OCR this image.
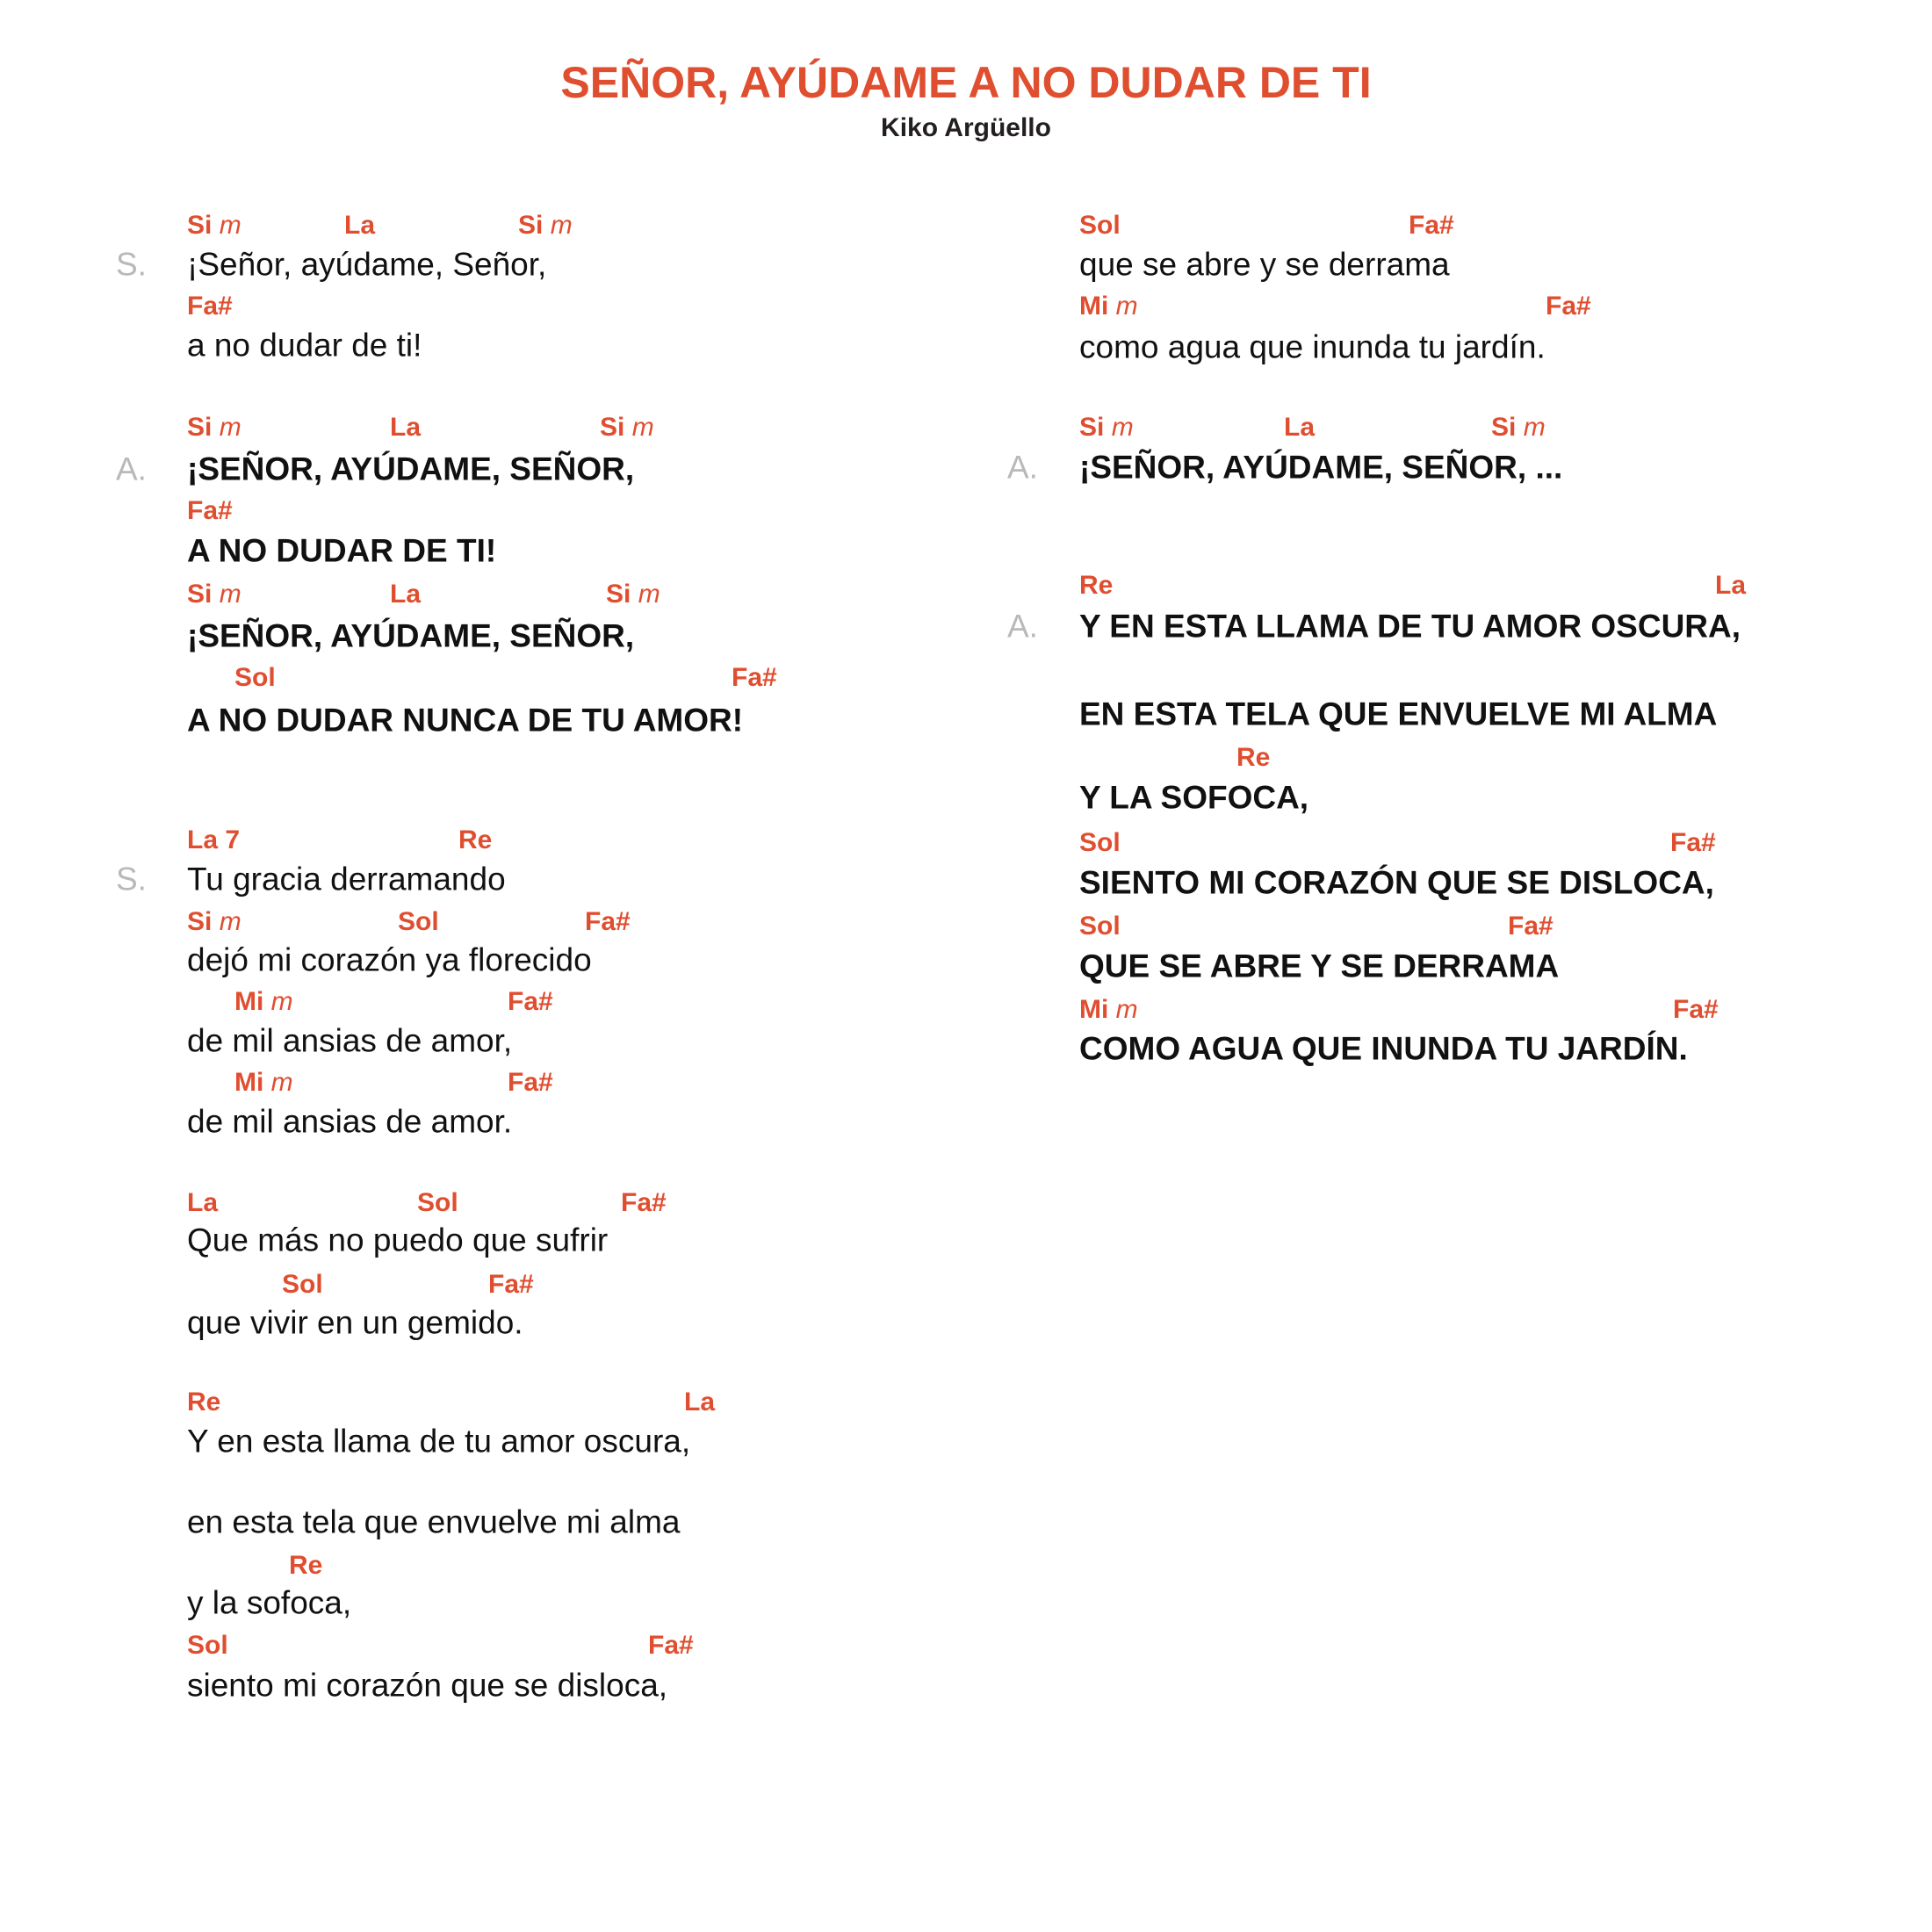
SEÑOR, AYÚDAME A NO DUDAR DE TI
Kiko Argüello
S.
A.
S.
A.
A.
Si m	La	Si m
Fa#
Si m	La	Si m
Fa#
Si m	La	Si m
Sol	Fa#
La 7	Re
Si m	Sol	Fa#
Mi m	Fa#
Mi m	Fa#
La	Sol	Fa#
Sol	Fa#
Re	La
Re
Sol	Fa#
Sol	Fa#
Mi m	Fa#
Si m	La	Si m
Re	La
Re
Sol	Fa#
Sol	Fa#
Mi m	Fa#
¡Señor, ayúdame, Señor,
a no dudar de ti!
¡SEÑOR, AYÚDAME, SEÑOR,
A NO DUDAR DE TI!
¡SEÑOR, AYÚDAME, SEÑOR,
A NO DUDAR NUNCA DE TU AMOR!
Tu gracia derramando
dejó mi corazón ya florecido
de mil ansias de amor,
de mil ansias de amor.
Que más no puedo que sufrir
que vivir en un gemido.
Y en esta llama de tu amor oscura,
en esta tela que envuelve mi alma
y la sofoca,
siento mi corazón que se disloca,
que se abre y se derrama
como agua que inunda tu jardín.
¡SEÑOR, AYÚDAME, SEÑOR, ...
Y EN ESTA LLAMA DE TU AMOR OSCURA,
EN ESTA TELA QUE ENVUELVE MI ALMA
Y LA SOFOCA,
SIENTO MI CORAZÓN QUE SE DISLOCA,
QUE SE ABRE Y SE DERRAMA
COMO AGUA QUE INUNDA TU JARDÍN.
